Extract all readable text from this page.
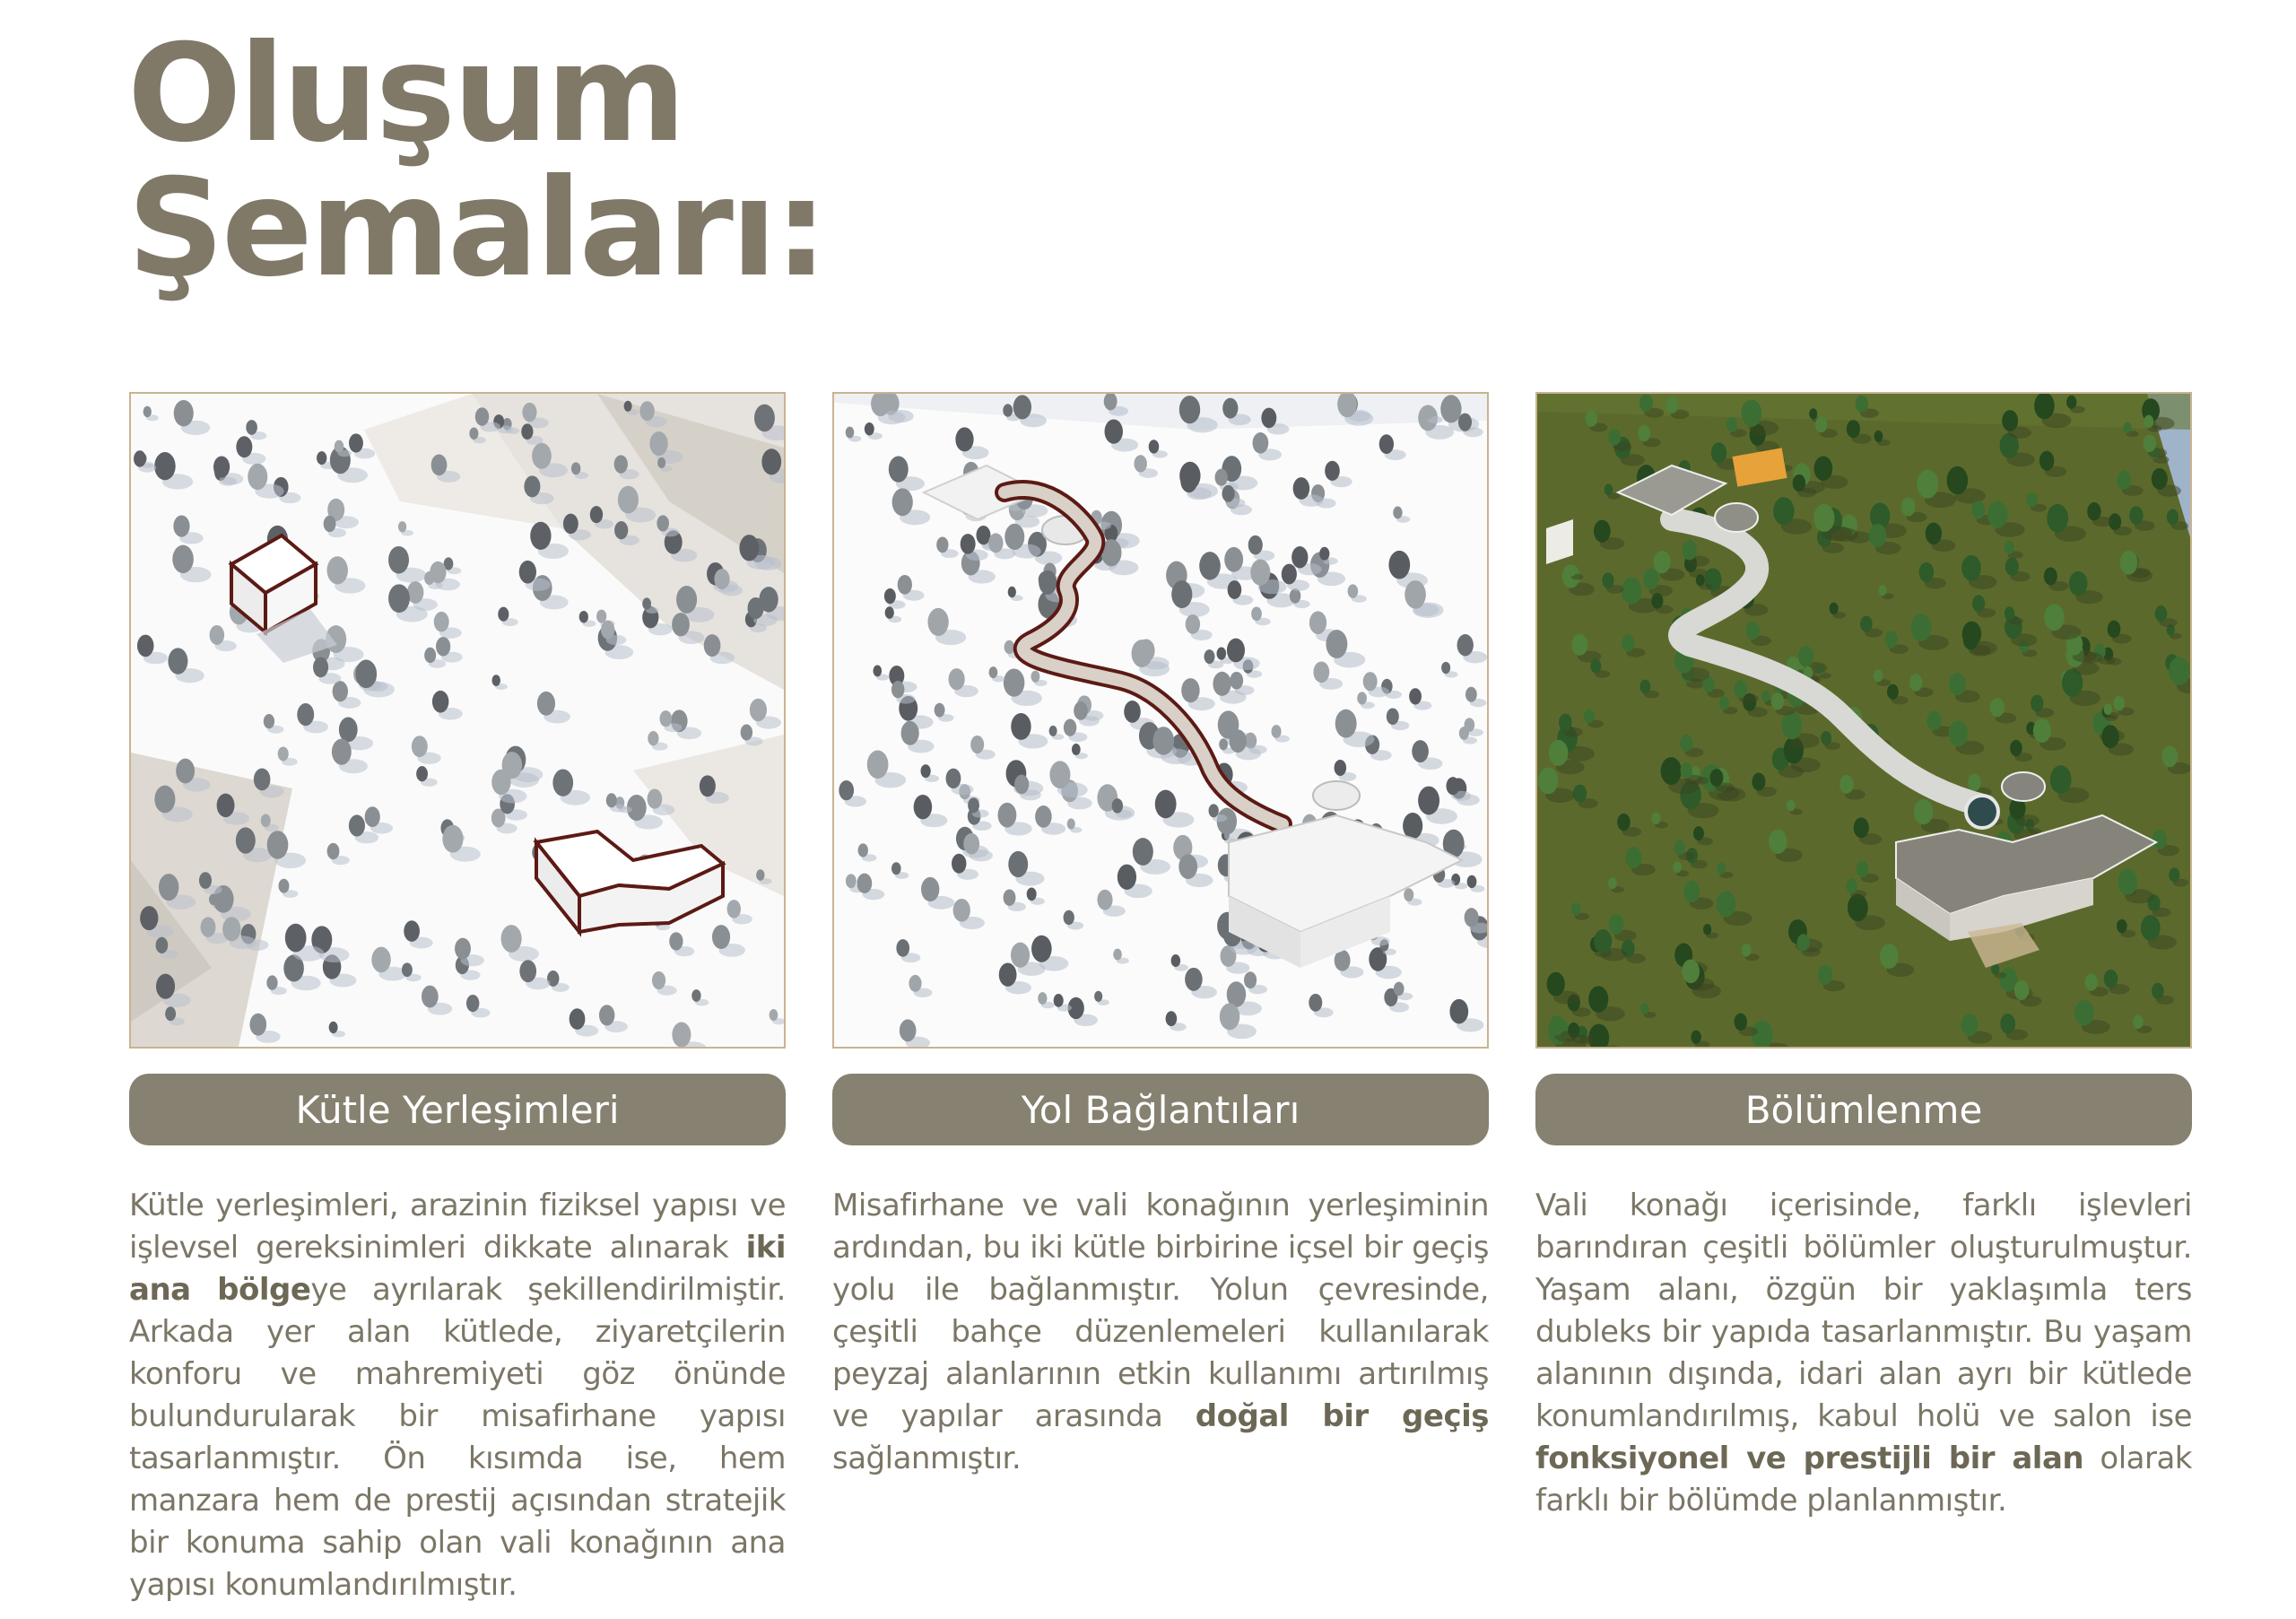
Oluşum
Şemaları:
Kütle Yerleşimleri
Kütle yerleşimleri, arazinin fiziksel yapısı ve işlevsel gereksinimleri dikkate alınarak iki ana bölgeye ayrılarak şekillendirilmiştir. Arkada yer alan kütlede, ziyaretçilerin konforu ve mahremiyeti göz önünde bulundurularak bir misafirhane yapısı tasarlanmıştır. Ön kısımda ise, hem manzara hem de prestij açısından stratejik bir konuma sahip olan vali konağının ana yapısı konumlandırılmıştır.
Yol Bağlantıları
Misafirhane ve vali konağının yerleşiminin ardından, bu iki kütle birbirine içsel bir geçiş yolu ile bağlanmıştır. Yolun çevresinde, çeşitli bahçe düzenlemeleri kullanılarak peyzaj alanlarının etkin kullanımı artırılmış ve yapılar arasında doğal bir geçiş sağlanmıştır.
Bölümlenme
Vali konağı içerisinde, farklı işlevleri barındıran çeşitli bölümler oluşturulmuştur. Yaşam alanı, özgün bir yaklaşımla ters dubleks bir yapıda tasarlanmıştır. Bu yaşam alanının dışında, idari alan ayrı bir kütlede konumlandırılmış, kabul holü ve salon ise fonksiyonel ve prestijli bir alan olarak farklı bir bölümde planlanmıştır.
